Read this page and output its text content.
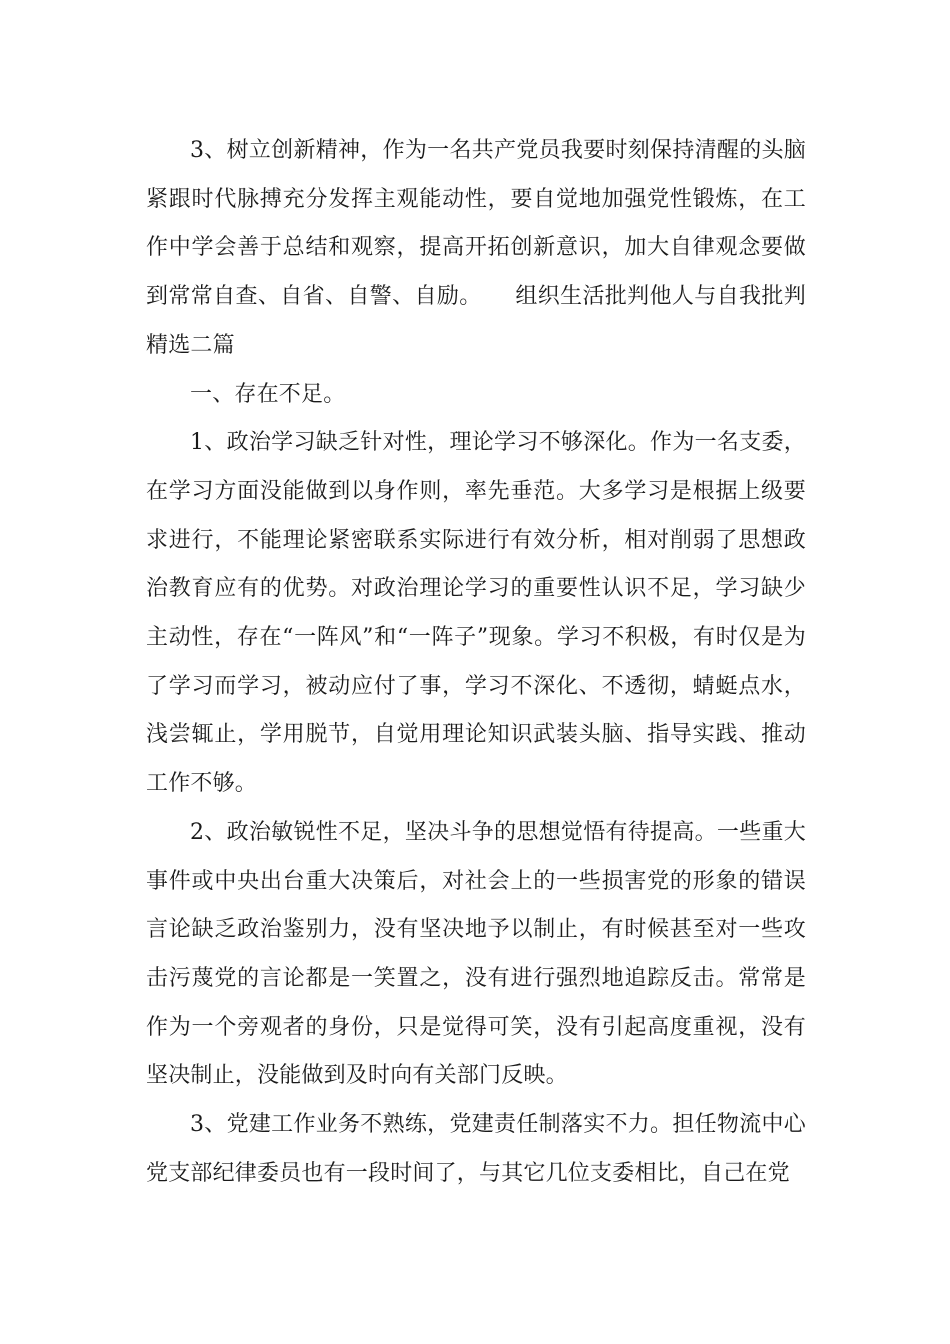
3、树立创新精神，作为一名共产党员我要时刻保持清醒的头脑紧跟时代脉搏充分发挥主观能动性，要自觉地加强党性锻炼，在工作中学会善于总结和观察，提高开拓创新意识，加大自律观念要做到常常自查、自省、自警、自励。　　组织生活批判他人与自我批判精选二篇

一、存在不足。

1、政治学习缺乏针对性，理论学习不够深化。作为一名支委，在学习方面没能做到以身作则，率先垂范。大多学习是根据上级要求进行，不能理论紧密联系实际进行有效分析，相对削弱了思想政治教育应有的优势。对政治理论学习的重要性认识不足，学习缺少主动性，存在“一阵风”和“一阵子”现象。学习不积极，有时仅是为了学习而学习，被动应付了事，学习不深化、不透彻，蜻蜓点水，浅尝辄止，学用脱节，自觉用理论知识武装头脑、指导实践、推动工作不够。

2、政治敏锐性不足，坚决斗争的思想觉悟有待提高。一些重大事件或中央出台重大决策后，对社会上的一些损害党的形象的错误言论缺乏政治鉴别力，没有坚决地予以制止，有时候甚至对一些攻击污蔑党的言论都是一笑置之，没有进行强烈地追踪反击。常常是作为一个旁观者的身份，只是觉得可笑，没有引起高度重视，没有坚决制止，没能做到及时向有关部门反映。

3、党建工作业务不熟练，党建责任制落实不力。担任物流中心党支部纪律委员也有一段时间了，与其它几位支委相比，自己在党
